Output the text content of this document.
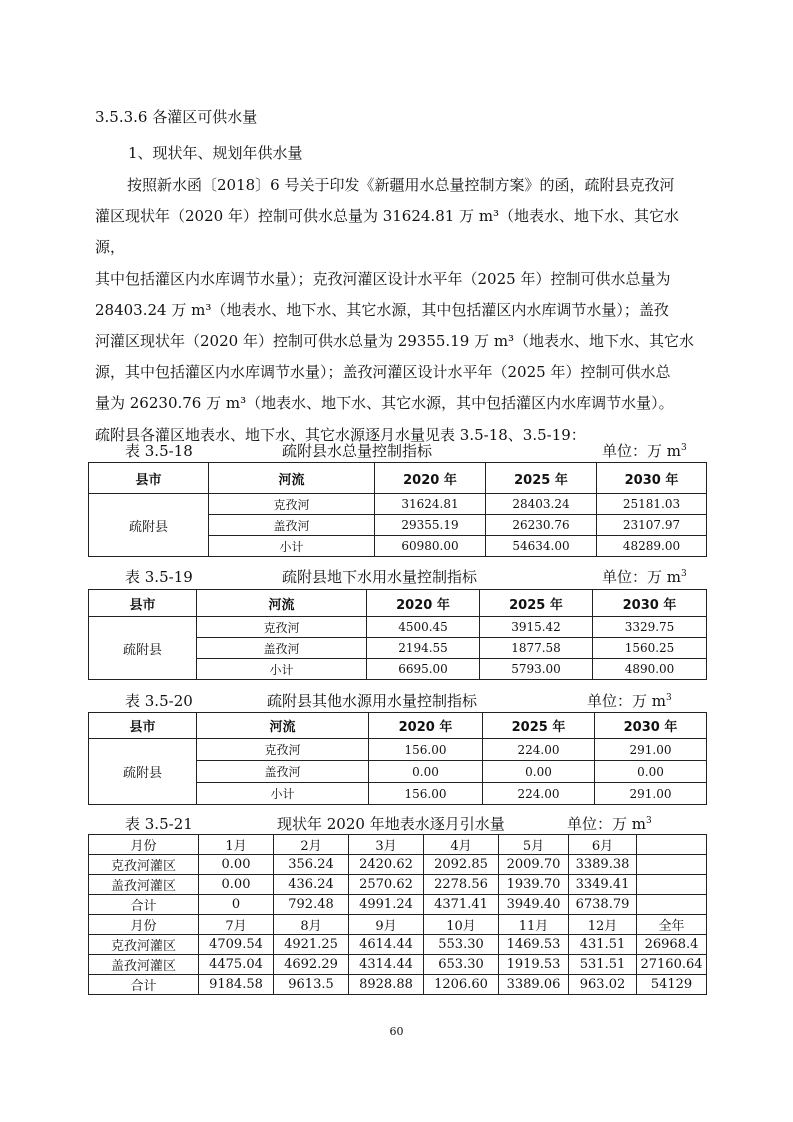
3.5.3.6 各灌区可供水量
1、现状年、规划年供水量
按照新水函〔2018〕6 号关于印发《新疆用水总量控制方案》的函，疏附县克孜河
灌区现状年（2020 年）控制可供水总量为 31624.81 万 m³（地表水、地下水、其它水源，
其中包括灌区内水库调节水量）；克孜河灌区设计水平年（2025 年）控制可供水总量为
28403.24 万 m³（地表水、地下水、其它水源，其中包括灌区内水库调节水量）；盖孜
河灌区现状年（2020 年）控制可供水总量为 29355.19 万 m³（地表水、地下水、其它水
源，其中包括灌区内水库调节水量）；盖孜河灌区设计水平年（2025 年）控制可供水总
量为 26230.76 万 m³（地表水、地下水、其它水源，其中包括灌区内水库调节水量）。
疏附县各灌区地表水、地下水、其它水源逐月水量见表 3.5-18、3.5-19：
表 3.5-18	疏附县水总量控制指标	单位：万 $m^3$
县市	河流	2020 年	2025 年	2030 年
疏附县	克孜河	31624.81	28403.24	25181.03
	盖孜河	29355.19	26230.76	23107.97
	小计	60980.00	54634.00	48289.00
表 3.5-19	疏附县地下水用水量控制指标	单位：万 $m^3$
县市	河流	2020 年	2025 年	2030 年
疏附县	克孜河	4500.45	3915.42	3329.75
	盖孜河	2194.55	1877.58	1560.25
	小计	6695.00	5793.00	4890.00
表 3.5-20	疏附县其他水源用水量控制指标	单位：万 $m^3$
县市	河流	2020 年	2025 年	2030 年
疏附县	克孜河	156.00	224.00	291.00
	盖孜河	0.00	0.00	0.00
	小计	156.00	224.00	291.00
表 3.5-21	现状年 2020 年地表水逐月引水量	单位：万 $m^3$
月份	1月	2月	3月	4月	5月	6月	
克孜河灌区	0.00	356.24	2420.62	2092.85	2009.70	3389.38	
盖孜河灌区	0.00	436.24	2570.62	2278.56	1939.70	3349.41	
合计	0	792.48	4991.24	4371.41	3949.40	6738.79	
月份	7月	8月	9月	10月	11月	12月	全年
克孜河灌区	4709.54	4921.25	4614.44	553.30	1469.53	431.51	26968.4
盖孜河灌区	4475.04	4692.29	4314.44	653.30	1919.53	531.51	27160.64
合计	9184.58	9613.5	8928.88	1206.60	3389.06	963.02	54129
60
